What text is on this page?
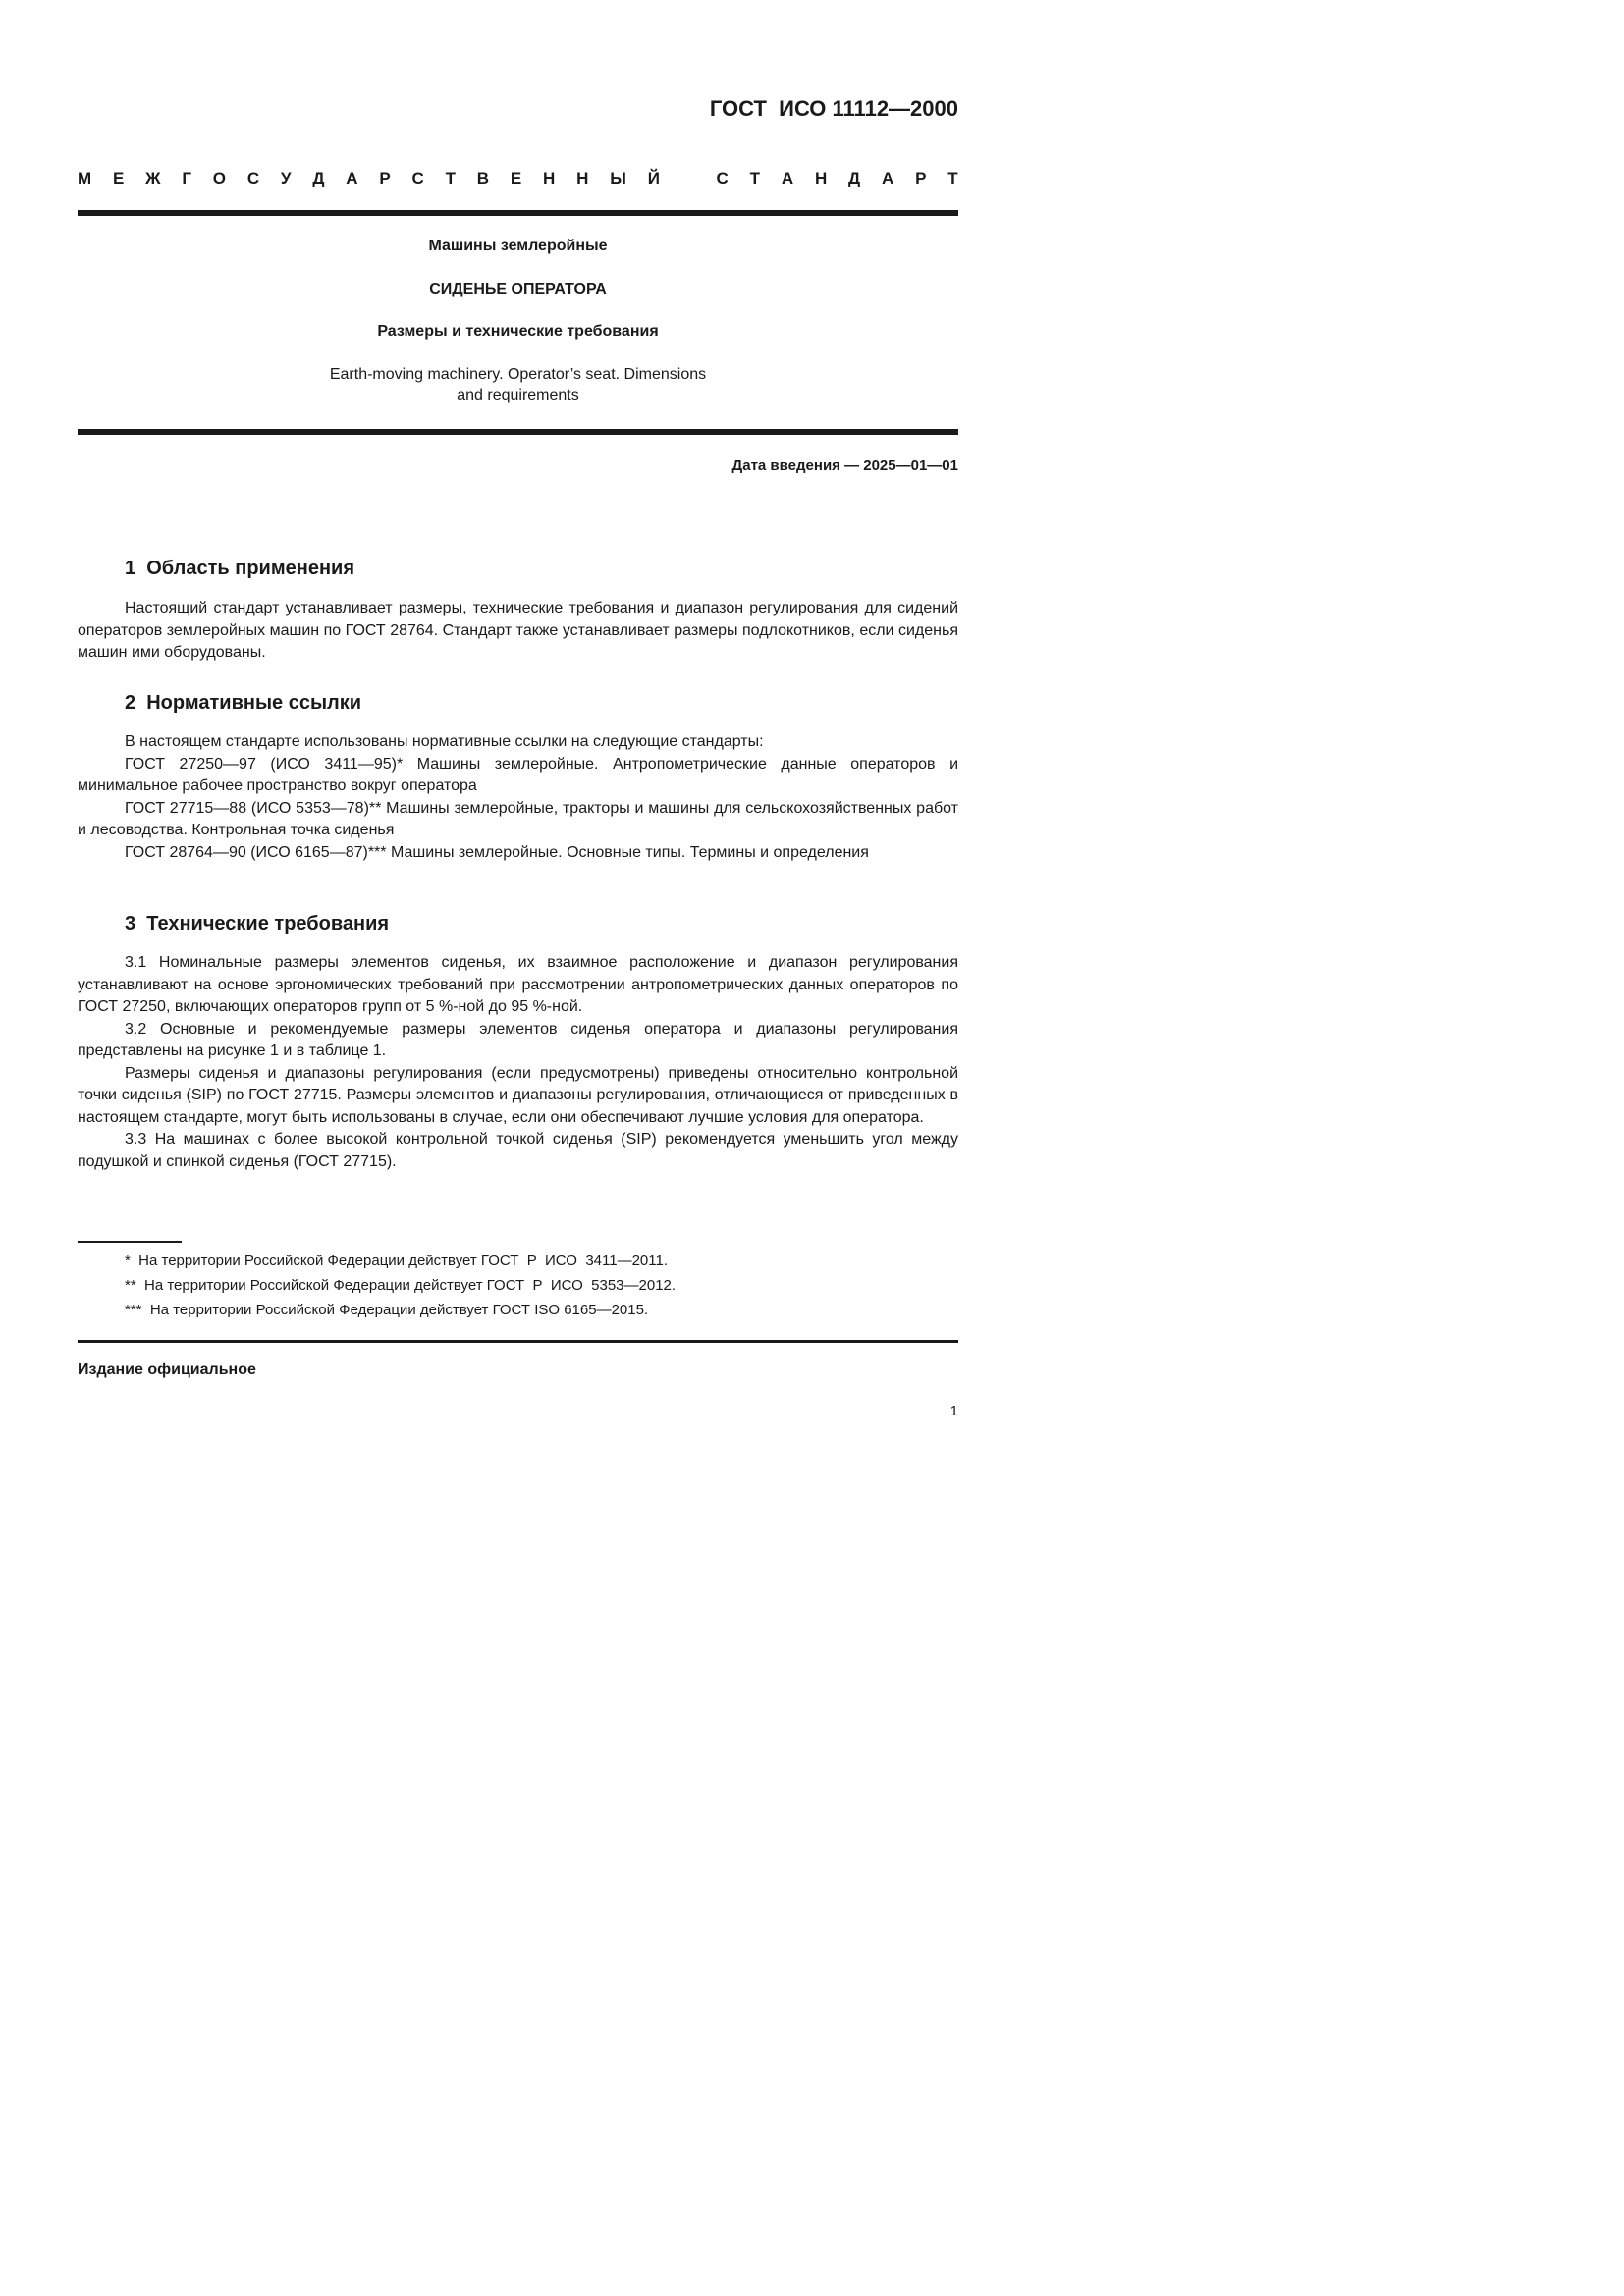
ГОСТ  ИСО 11112—2000
М Е Ж Г О С У Д А Р С Т В Е Н Н Ы Й	С Т А Н Д А Р Т
Машины землеройные
СИДЕНЬЕ ОПЕРАТОРА
Размеры и технические требования
Earth-moving machinery. Operator’s seat. Dimensions
and requirements
Дата введения — 2025—01—01
1  Область применения
Настоящий стандарт устанавливает размеры, технические требования и диапазон регулирования для сидений операторов землеройных машин по ГОСТ 28764. Стандарт также устанавливает размеры подлокотников, если сиденья машин ими оборудованы.
2  Нормативные ссылки
В настоящем стандарте использованы нормативные ссылки на следующие стандарты:
ГОСТ 27250—97 (ИСО 3411—95)* Машины землеройные. Антропометрические данные операторов и минимальное рабочее пространство вокруг оператора
ГОСТ 27715—88 (ИСО 5353—78)** Машины землеройные, тракторы и машины для сельскохозяйственных работ и лесоводства. Контрольная точка сиденья
ГОСТ 28764—90 (ИСО 6165—87)*** Машины землеройные. Основные типы. Термины и определения
3  Технические требования
3.1 Номинальные размеры элементов сиденья, их взаимное расположение и диапазон регулирования устанавливают на основе эргономических требований при рассмотрении антропометрических данных операторов по ГОСТ 27250, включающих операторов групп от 5 %-ной до 95 %-ной.
3.2 Основные и рекомендуемые размеры элементов сиденья оператора и диапазоны регулирования представлены на рисунке 1 и в таблице 1.
Размеры сиденья и диапазоны регулирования (если предусмотрены) приведены относительно контрольной точки сиденья (SIP) по ГОСТ 27715. Размеры элементов и диапазоны регулирования, отличающиеся от приведенных в настоящем стандарте, могут быть использованы в случае, если они обеспечивают лучшие условия для оператора.
3.3 На машинах с более высокой контрольной точкой сиденья (SIP) рекомендуется уменьшить угол между подушкой и спинкой сиденья (ГОСТ 27715).
*  На территории Российской Федерации действует ГОСТ  Р  ИСО  3411—2011.
**  На территории Российской Федерации действует ГОСТ  Р  ИСО  5353—2012.
***  На территории Российской Федерации действует ГОСТ ISO 6165—2015.
Издание официальное
1
